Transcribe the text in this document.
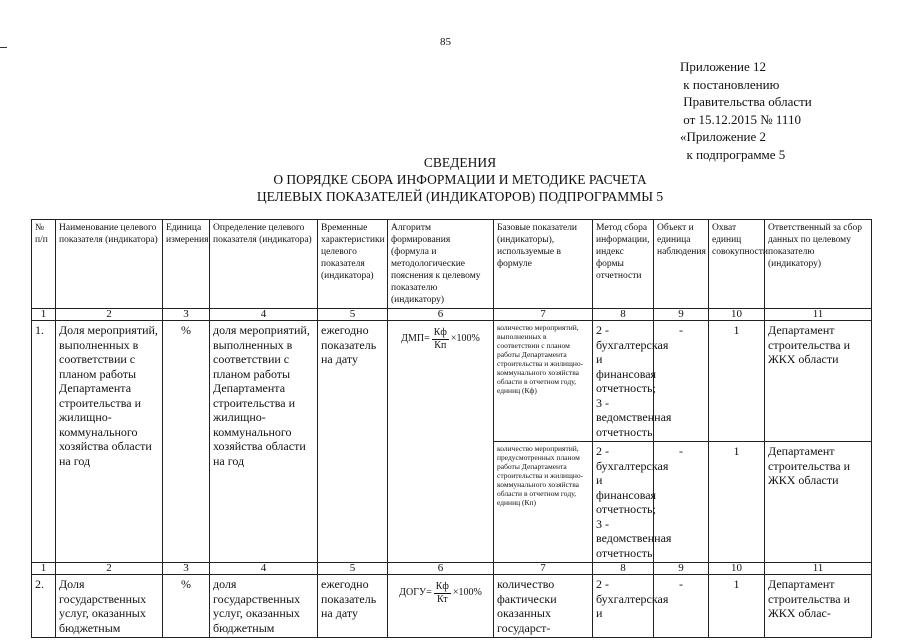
85
Приложение 12
к постановлению
Правительства области
от 15.12.2015 № 1110
«Приложение 2
к подпрограмме 5
СВЕДЕНИЯ
О ПОРЯДКЕ СБОРА ИНФОРМАЦИИ И МЕТОДИКЕ РАСЧЕТА
ЦЕЛЕВЫХ ПОКАЗАТЕЛЕЙ (ИНДИКАТОРОВ) ПОДПРОГРАММЫ 5
№ п/п	Наименование целевого показателя (индикатора)	Единица измерения	Определение целевого показателя (индикатора)	Временные характеристики целевого показателя (индикатора)	Алгоритм формирования (формула и методологические пояснения к целевому показателю (индикатору)	Базовые показатели (индикаторы), используемые в формуле	Метод сбора информации, индекс формы отчетности	Объект и единица наблюдения	Охват единиц совокупности	Ответственный за сбор данных по целевому показателю (индикатору)
1	2	3	4	5	6	7	8	9	10	11
1.	Доля мероприятий, выполненных в соответствии с планом работы Департамента строительства и жилищно-коммунального хозяйства области на год	%	доля мероприятий, выполненных в соответствии с планом работы Департамента строительства и жилищно-коммунального хозяйства области на год	ежегодно показатель на дату	ДМП = $\frac{Кф}{Кп} \times 100\%$	количество мероприятий, выполненных в соответствии с планом работы Департамента строительства и жилищно-коммунального хозяйства области в отчетном году, единиц (Кф)	2 - бухгалтерская и финансовая отчетность; 3 - ведомственная отчетность	-	1	Департамент строительства и ЖКХ области
						количество мероприятий, предусмотренных планом работы Департамента строительства и жилищно-коммунального хозяйства области в отчетном году, единиц (Кп)	2 - бухгалтерская и финансовая отчетность; 3 - ведомственная отчетность	-	1	Департамент строительства и ЖКХ области
1	2	3	4	5	6	7	8	9	10	11
2.	Доля государственных услуг, оказанных бюджетным	%	доля государственных услуг, оказанных бюджетным	ежегодно показатель на дату	ДОГУ = $\frac{Кф}{Кт} \times 100\%$	количество фактически оказанных государст-	2 - бухгалтерская и	-	1	Департамент строительства и ЖКХ облас-
